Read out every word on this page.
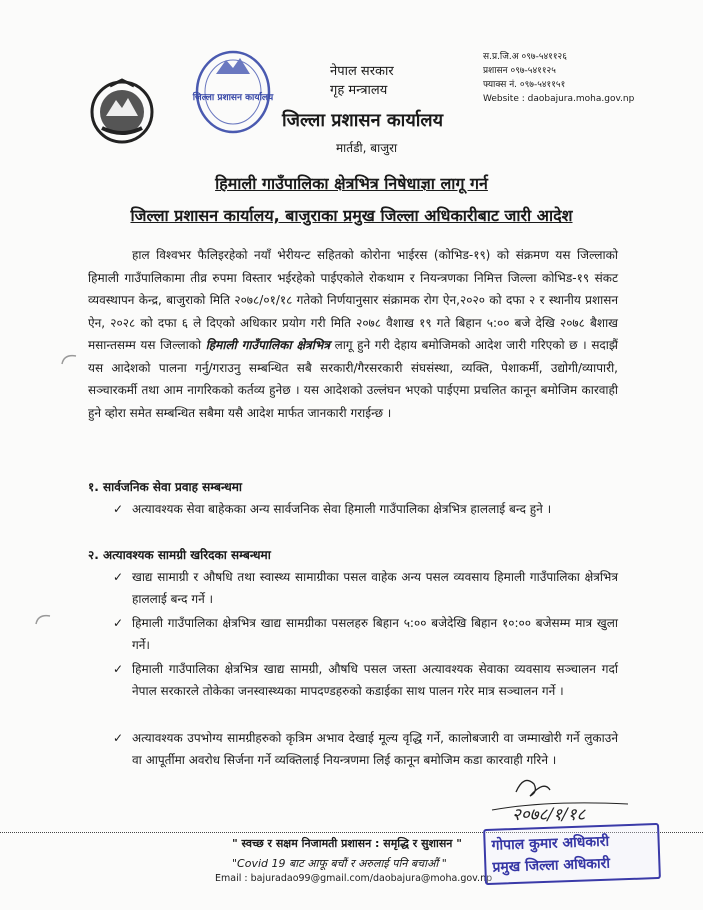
जिल्ला प्रशासन कार्यालय
नेपाल सरकार
गृह मन्त्रालय
जिल्ला प्रशासन कार्यालय
मार्तडी, बाजुरा
स.प्र.जि.अ ०९७-५४११२६
प्रशासन ०९७-५४११२५
फ्याक्स नं. ०९७-५४११५१
Website : daobajura.moha.gov.np
हिमाली गाउँपालिका क्षेत्रभित्र निषेधाज्ञा लागू गर्न
जिल्ला प्रशासन कार्यालय, बाजुराका प्रमुख जिल्ला अधिकारीबाट जारी आदेश
हाल विश्वभर फैलिइरहेको नयाँ भेरीयन्ट सहितको कोरोना भाईरस (कोभिड-१९) को संक्रमण यस जिल्लाको हिमाली गाउँपालिकामा तीव्र रुपमा विस्तार भईरहेको पाईएकोले रोकथाम र नियन्त्रणका निमित्त जिल्ला कोभिड-१९ संकट व्यवस्थापन केन्द्र, बाजुराको मिति २०७८/०१/१८ गतेको निर्णयानुसार संक्रामक रोग ऐन,२०२० को दफा २ र स्थानीय प्रशासन ऐन, २०२८ को दफा ६ ले दिएको अधिकार प्रयोग गरी मिति २०७८ वैशाख १९ गते बिहान ५:०० बजे देखि २०७८ बैशाख मसान्तसम्म यस जिल्लाको हिमाली गाउँपालिका क्षेत्रभित्र लागू हुने गरी देहाय बमोजिमको आदेश जारी गरिएको छ । सदाझैं यस आदेशको पालना गर्नु/गराउनु सम्बन्धित सबै सरकारी/गैरसरकारी संघसंस्था, व्यक्ति, पेशाकर्मी, उद्योगी/व्यापारी, सञ्चारकर्मी तथा आम नागरिकको कर्तव्य हुनेछ । यस आदेशको उल्लंघन भएको पाईएमा प्रचलित कानून बमोजिम कारवाही हुने व्होरा समेत सम्बन्धित सबैमा यसै आदेश मार्फत जानकारी गराईन्छ ।
१. सार्वजनिक सेवा प्रवाह सम्बन्धमा
✓ अत्यावश्यक सेवा बाहेकका अन्य सार्वजनिक सेवा हिमाली गाउँपालिका क्षेत्रभित्र हाललाई बन्द हुने ।
२. अत्यावश्यक सामग्री खरिदका सम्बन्धमा
✓ खाद्य सामाग्री र औषधि तथा स्वास्थ्य सामाग्रीका पसल वाहेक अन्य पसल व्यवसाय हिमाली गाउँपालिका क्षेत्रभित्र हाललाई बन्द गर्ने ।
✓ हिमाली गाउँपालिका क्षेत्रभित्र खाद्य सामग्रीका पसलहरु बिहान ५:०० बजेदेखि बिहान १०:०० बजेसम्म मात्र खुला गर्ने।
✓ हिमाली गाउँपालिका क्षेत्रभित्र खाद्य सामग्री, औषधि पसल जस्ता अत्यावश्यक सेवाका व्यवसाय सञ्चालन गर्दा नेपाल सरकारले तोकेका जनस्वास्थ्यका मापदण्डहरुको कडाईका साथ पालन गरेर मात्र सञ्चालन गर्ने ।
✓ अत्यावश्यक उपभोग्य सामग्रीहरुको कृत्रिम अभाव देखाई मूल्य वृद्धि गर्ने, कालोबजारी वा जम्माखोरी गर्ने लुकाउने वा आपूर्तीमा अवरोध सिर्जना गर्ने व्यक्तिलाई नियन्त्रणमा लिई कानून बमोजिम कडा कारवाही गरिने ।
२०७८/१/१८
" स्वच्छ र सक्षम निजामती प्रशासन : समृद्धि र सुशासन "
"Covid 19 बाट आफू बचौं र अरुलाई पनि बचाऔं "
Email : bajuradao99@gmail.com/daobajura@moha.gov.np
गोपाल कुमार अधिकारी
प्रमुख जिल्ला अधिकारी
